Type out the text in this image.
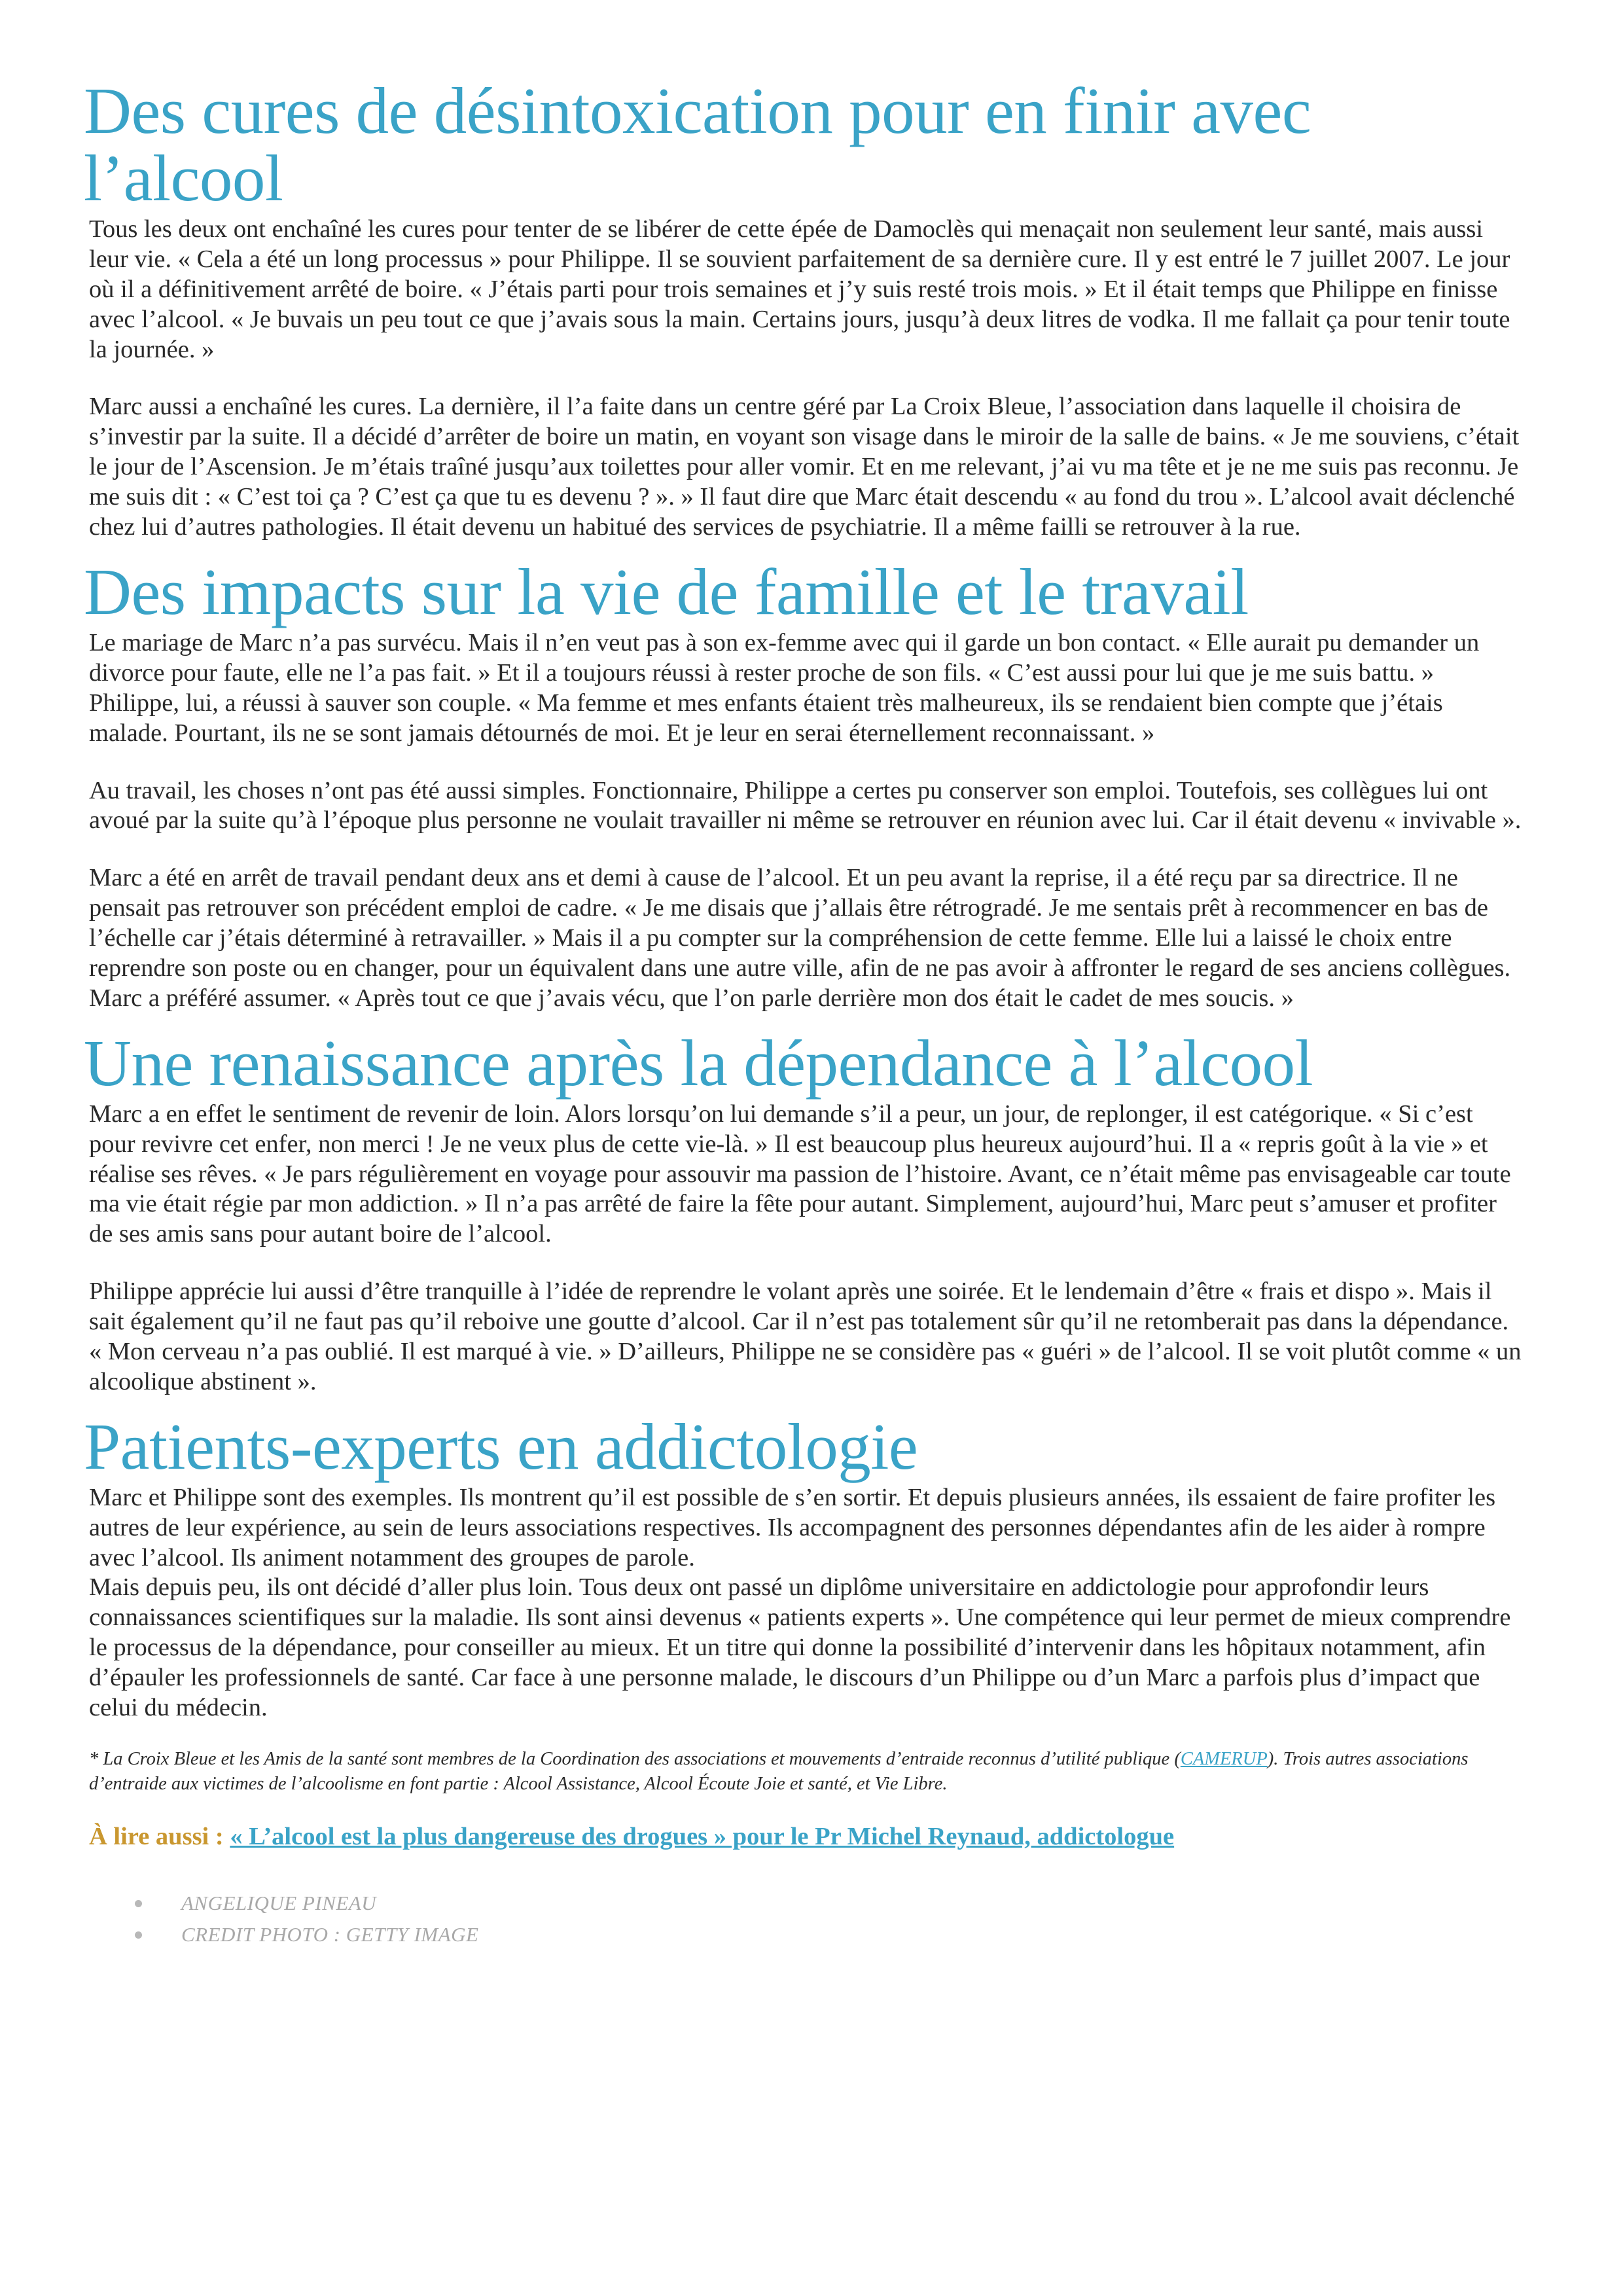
Des cures de désintoxication pour en finir avec l’alcool

Tous les deux ont enchaîné les cures pour tenter de se libérer de cette épée de Damoclès qui menaçait non seulement leur santé, mais aussi leur vie. « Cela a été un long processus » pour Philippe. Il se souvient parfaitement de sa dernière cure. Il y est entré le 7 juillet 2007. Le jour où il a définitivement arrêté de boire. « J’étais parti pour trois semaines et j’y suis resté trois mois. » Et il était temps que Philippe en finisse avec l’alcool. « Je buvais un peu tout ce que j’avais sous la main. Certains jours, jusqu’à deux litres de vodka. Il me fallait ça pour tenir toute la journée. »

Marc aussi a enchaîné les cures. La dernière, il l’a faite dans un centre géré par La Croix Bleue, l’association dans laquelle il choisira de s’investir par la suite. Il a décidé d’arrêter de boire un matin, en voyant son visage dans le miroir de la salle de bains. « Je me souviens, c’était le jour de l’Ascension. Je m’étais traîné jusqu’aux toilettes pour aller vomir. Et en me relevant, j’ai vu ma tête et je ne me suis pas reconnu. Je me suis dit : « C’est toi ça ? C’est ça que tu es devenu ? ». » Il faut dire que Marc était descendu « au fond du trou ». L’alcool avait déclenché chez lui d’autres pathologies. Il était devenu un habitué des services de psychiatrie. Il a même failli se retrouver à la rue.

Des impacts sur la vie de famille et le travail

Le mariage de Marc n’a pas survécu. Mais il n’en veut pas à son ex-femme avec qui il garde un bon contact. « Elle aurait pu demander un divorce pour faute, elle ne l’a pas fait. » Et il a toujours réussi à rester proche de son fils. « C’est aussi pour lui que je me suis battu. » Philippe, lui, a réussi à sauver son couple. « Ma femme et mes enfants étaient très malheureux, ils se rendaient bien compte que j’étais malade. Pourtant, ils ne se sont jamais détournés de moi. Et je leur en serai éternellement reconnaissant. »

Au travail, les choses n’ont pas été aussi simples. Fonctionnaire, Philippe a certes pu conserver son emploi. Toutefois, ses collègues lui ont avoué par la suite qu’à l’époque plus personne ne voulait travailler ni même se retrouver en réunion avec lui. Car il était devenu « invivable ».

Marc a été en arrêt de travail pendant deux ans et demi à cause de l’alcool. Et un peu avant la reprise, il a été reçu par sa directrice. Il ne pensait pas retrouver son précédent emploi de cadre. « Je me disais que j’allais être rétrogradé. Je me sentais prêt à recommencer en bas de l’échelle car j’étais déterminé à retravailler. » Mais il a pu compter sur la compréhension de cette femme. Elle lui a laissé le choix entre reprendre son poste ou en changer, pour un équivalent dans une autre ville, afin de ne pas avoir à affronter le regard de ses anciens collègues. Marc a préféré assumer. « Après tout ce que j’avais vécu, que l’on parle derrière mon dos était le cadet de mes soucis. »

Une renaissance après la dépendance à l’alcool

Marc a en effet le sentiment de revenir de loin. Alors lorsqu’on lui demande s’il a peur, un jour, de replonger, il est catégorique. « Si c’est pour revivre cet enfer, non merci ! Je ne veux plus de cette vie-là. » Il est beaucoup plus heureux aujourd’hui. Il a « repris goût à la vie » et réalise ses rêves. « Je pars régulièrement en voyage pour assouvir ma passion de l’histoire. Avant, ce n’était même pas envisageable car toute ma vie était régie par mon addiction. » Il n’a pas arrêté de faire la fête pour autant. Simplement, aujourd’hui, Marc peut s’amuser et profiter de ses amis sans pour autant boire de l’alcool.

Philippe apprécie lui aussi d’être tranquille à l’idée de reprendre le volant après une soirée. Et le lendemain d’être « frais et dispo ». Mais il sait également qu’il ne faut pas qu’il reboive une goutte d’alcool. Car il n’est pas totalement sûr qu’il ne retomberait pas dans la dépendance. « Mon cerveau n’a pas oublié. Il est marqué à vie. » D’ailleurs, Philippe ne se considère pas « guéri » de l’alcool. Il se voit plutôt comme « un alcoolique abstinent ».

Patients-experts en addictologie

Marc et Philippe sont des exemples. Ils montrent qu’il est possible de s’en sortir. Et depuis plusieurs années, ils essaient de faire profiter les autres de leur expérience, au sein de leurs associations respectives. Ils accompagnent des personnes dépendantes afin de les aider à rompre avec l’alcool. Ils animent notamment des groupes de parole.

Mais depuis peu, ils ont décidé d’aller plus loin. Tous deux ont passé un diplôme universitaire en addictologie pour approfondir leurs connaissances scientifiques sur la maladie. Ils sont ainsi devenus « patients experts ». Une compétence qui leur permet de mieux comprendre le processus de la dépendance, pour conseiller au mieux. Et un titre qui donne la possibilité d’intervenir dans les hôpitaux notamment, afin d’épauler les professionnels de santé. Car face à une personne malade, le discours d’un Philippe ou d’un Marc a parfois plus d’impact que celui du médecin.

* La Croix Bleue et les Amis de la santé sont membres de la Coordination des associations et mouvements d’entraide reconnus d’utilité publique (CAMERUP). Trois autres associations d’entraide aux victimes de l’alcoolisme en font partie : Alcool Assistance, Alcool Écoute Joie et santé, et Vie Libre.
À lire aussi : « L’alcool est la plus dangereuse des drogues » pour le Pr Michel Reynaud, addictologue
ANGELIQUE PINEAU
CREDIT PHOTO : GETTY IMAGE
